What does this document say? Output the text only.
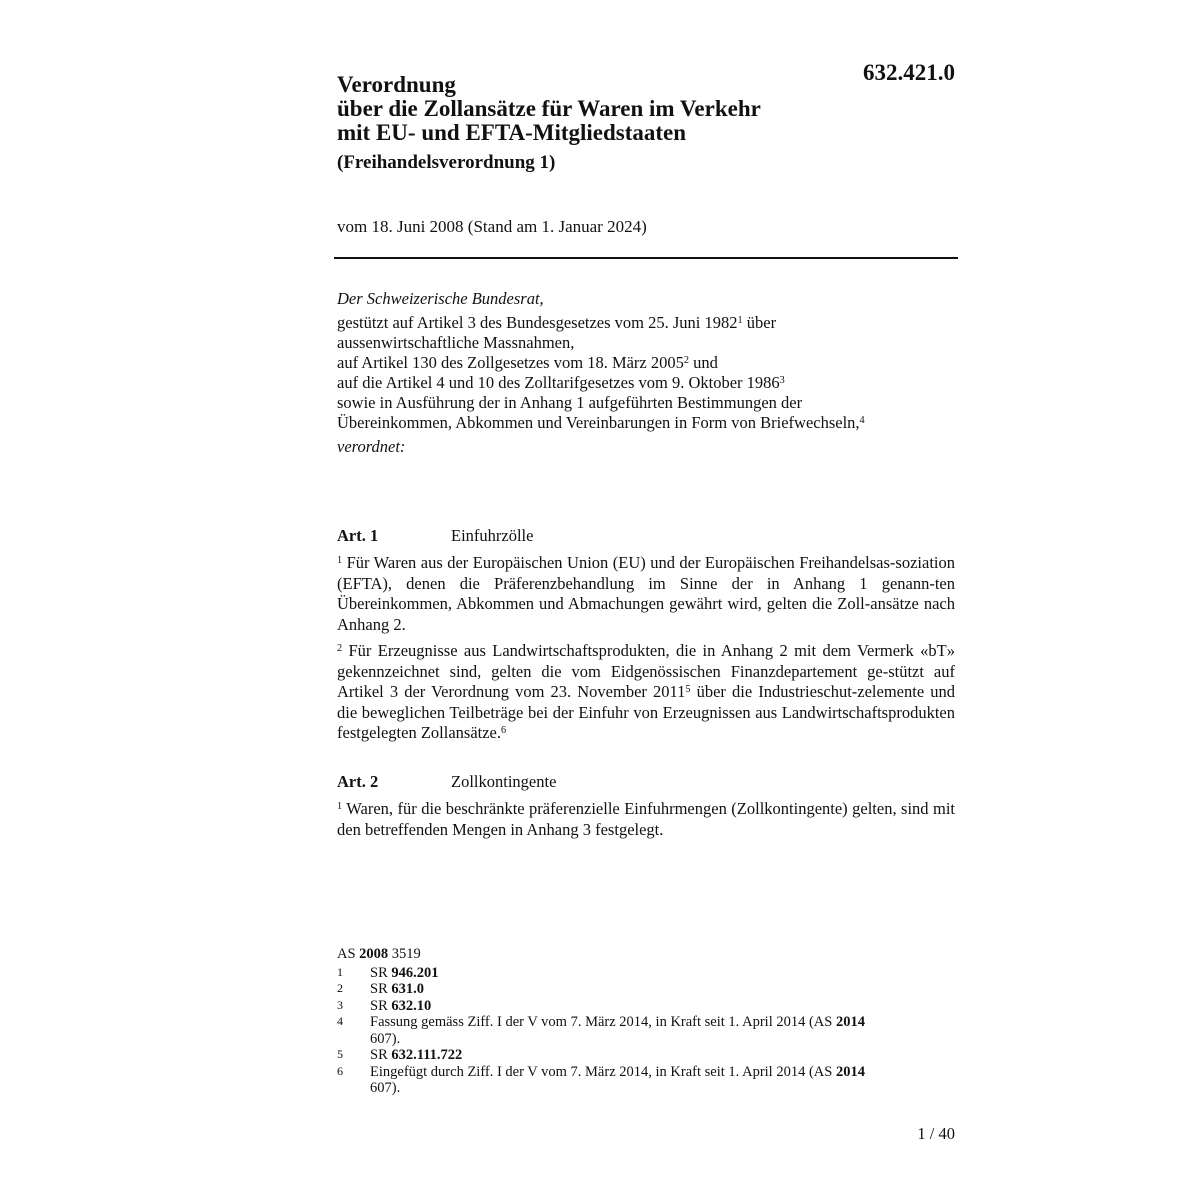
632.421.0
Verordnung
über die Zollansätze für Waren im Verkehr
mit EU- und EFTA-Mitgliedstaaten
(Freihandelsverordnung 1)
vom 18. Juni 2008 (Stand am 1. Januar 2024)
Der Schweizerische Bundesrat,
gestützt auf Artikel 3 des Bundesgesetzes vom 25. Juni 1982$^1$ über
aussenwirtschaftliche Massnahmen,
auf Artikel 130 des Zollgesetzes vom 18. März 2005$^2$ und
auf die Artikel 4 und 10 des Zolltarifgesetzes vom 9. Oktober 1986$^3$
sowie in Ausführung der in Anhang 1 aufgeführten Bestimmungen der
Übereinkommen, Abkommen und Vereinbarungen in Form von Briefwechseln,$^4$
verordnet:
Art. 1	Einfuhrzölle

$^1$ Für Waren aus der Europäischen Union (EU) und der Europäischen Freihandelsas-soziation (EFTA), denen die Präferenzbehandlung im Sinne der in Anhang 1 genann-ten Übereinkommen, Abkommen und Abmachungen gewährt wird, gelten die Zoll-ansätze nach Anhang 2.

$^2$ Für Erzeugnisse aus Landwirtschaftsprodukten, die in Anhang 2 mit dem Vermerk «bT» gekennzeichnet sind, gelten die vom Eidgenössischen Finanzdepartement ge-stützt auf Artikel 3 der Verordnung vom 23. November 2011$^5$ über die Industrieschut-zelemente und die beweglichen Teilbeträge bei der Einfuhr von Erzeugnissen aus Landwirtschaftsprodukten festgelegten Zollansätze.$^6$

Art. 2	Zollkontingente

$^1$ Waren, für die beschränkte präferenzielle Einfuhrmengen (Zollkontingente) gelten, sind mit den betreffenden Mengen in Anhang 3 festgelegt.

AS 2008 3519
1	SR 946.201
2	SR 631.0
3	SR 632.10
4	Fassung gemäss Ziff. I der V vom 7. März 2014, in Kraft seit 1. April 2014 (AS 2014 607).
5	SR 632.111.722
6	Eingefügt durch Ziff. I der V vom 7. März 2014, in Kraft seit 1. April 2014 (AS 2014 607).
1 / 40
